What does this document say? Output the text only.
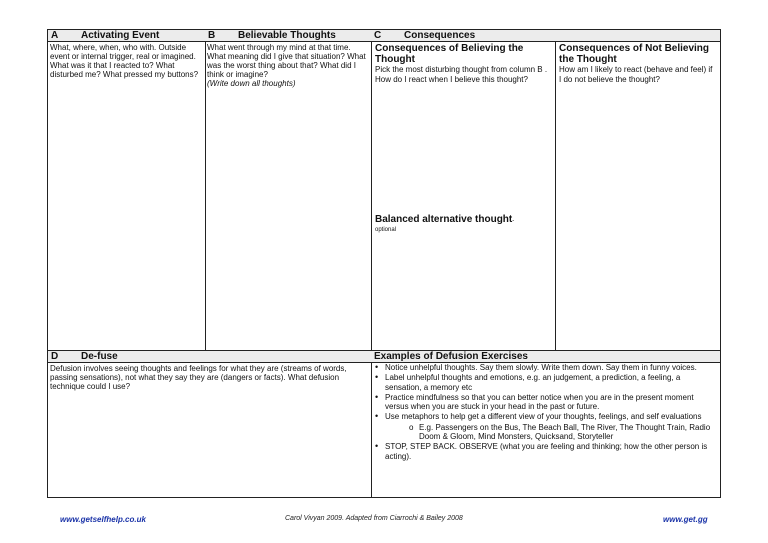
A Activating Event
What, where, when, who with. Outside event or internal trigger, real or imagined. What was it that I reacted to? What disturbed me? What pressed my buttons?
B Believable Thoughts
What went through my mind at that time. What meaning did I give that situation? What was the worst thing about that? What did I think or imagine?
(Write down all thoughts)
C Consequences
Consequences of Believing the Thought
Pick the most disturbing thought from column B . How do I react when I believe this thought?
Balanced alternative thought-
optional
Consequences of Not Believing the Thought
How am I likely to react (behave and feel) if I do not believe the thought?
D De-fuse
Defusion involves seeing thoughts and feelings for what they are (streams of words, passing sensations), not what they say they are (dangers or facts). What defusion technique could I use?
Examples of Defusion Exercises
• Notice unhelpful thoughts. Say them slowly. Write them down. Say them in funny voices.
• Label unhelpful thoughts and emotions, e.g. an judgement, a prediction, a feeling, a sensation, a memory etc
• Practice mindfulness so that you can better notice when you are in the present moment versus when you are stuck in your head in the past or future.
• Use metaphors to help get a different view of your thoughts, feelings, and self evaluations
o E.g. Passengers on the Bus, The Beach Ball, The River, The Thought Train, Radio Doom & Gloom, Mind Monsters, Quicksand, Storyteller
• STOP, STEP BACK. OBSERVE (what you are feeling and thinking; how the other person is acting).
www.getselfhelp.co.uk	Carol Vivyan 2009. Adapted from Ciarrochi & Bailey 2008	www.get.gg
